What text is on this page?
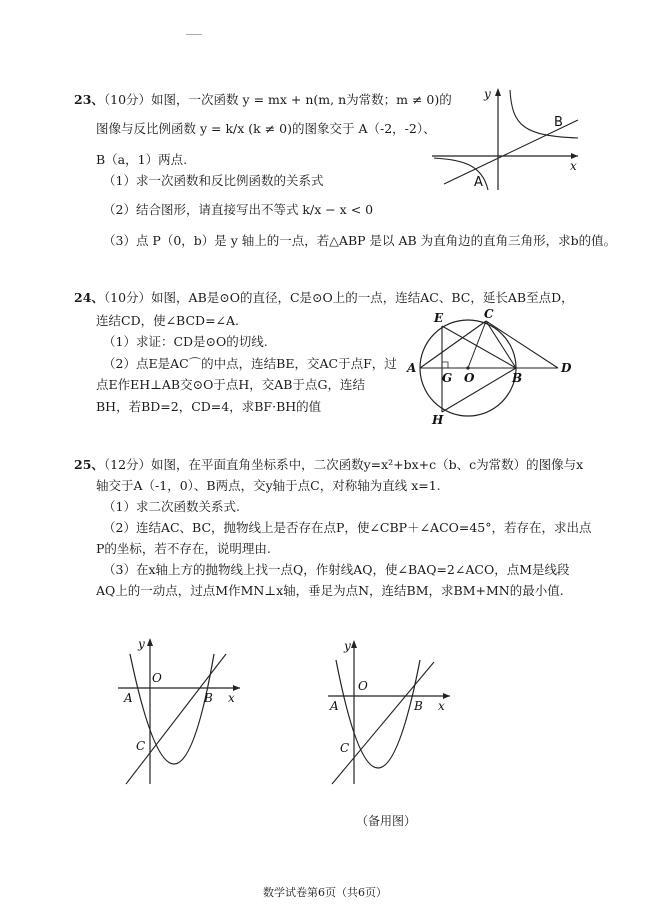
23、（10分）如图，一次函数 y = mx + n(m, n为常数；m ≠ 0)的
图像与反比例函数 y = k/x (k ≠ 0)的图象交于 A（-2，-2）、
B（a，1）两点.
（1）求一次函数和反比例函数的关系式
（2）结合图形，请直接写出不等式 k/x − x < 0
（3）点 P（0，b）是 y 轴上的一点，若△ABP 是以 AB 为直角边的直角三角形，求b的值。
y
x
A
B
24、（10分）如图，AB是⊙O的直径，C是⊙O上的一点，连结AC、BC，延长AB至点D，
连结CD，使∠BCD=∠A.
（1）求证：CD是⊙O的切线.
（2）点E是AC⌒的中点，连结BE，交AC于点F，过
点E作EH⊥AB交⊙O于点H，交AB于点G，连结
BH，若BD=2，CD=4，求BF·BH的值
E	C
A
G O	B
D
H
25、（12分）如图，在平面直角坐标系中，二次函数y=x²+bx+c（b、c为常数）的图像与x
轴交于A（-1，0）、B两点，交y轴于点C，对称轴为直线 x=1.
（1）求二次函数关系式.
（2）连结AC、BC，抛物线上是否存在点P，使∠CBP＋∠ACO=45°，若存在，求出点
P的坐标，若不存在，说明理由.
（3）在x轴上方的抛物线上找一点Q，作射线AQ，使∠BAQ=2∠ACO，点M是线段
AQ上的一动点，过点M作MN⊥x轴，垂足为点N，连结BM，求BM+MN的最小值.
y
O
A	B x
C
y
O
A	B x
C
（备用图）
数学试卷第6页（共6页）
